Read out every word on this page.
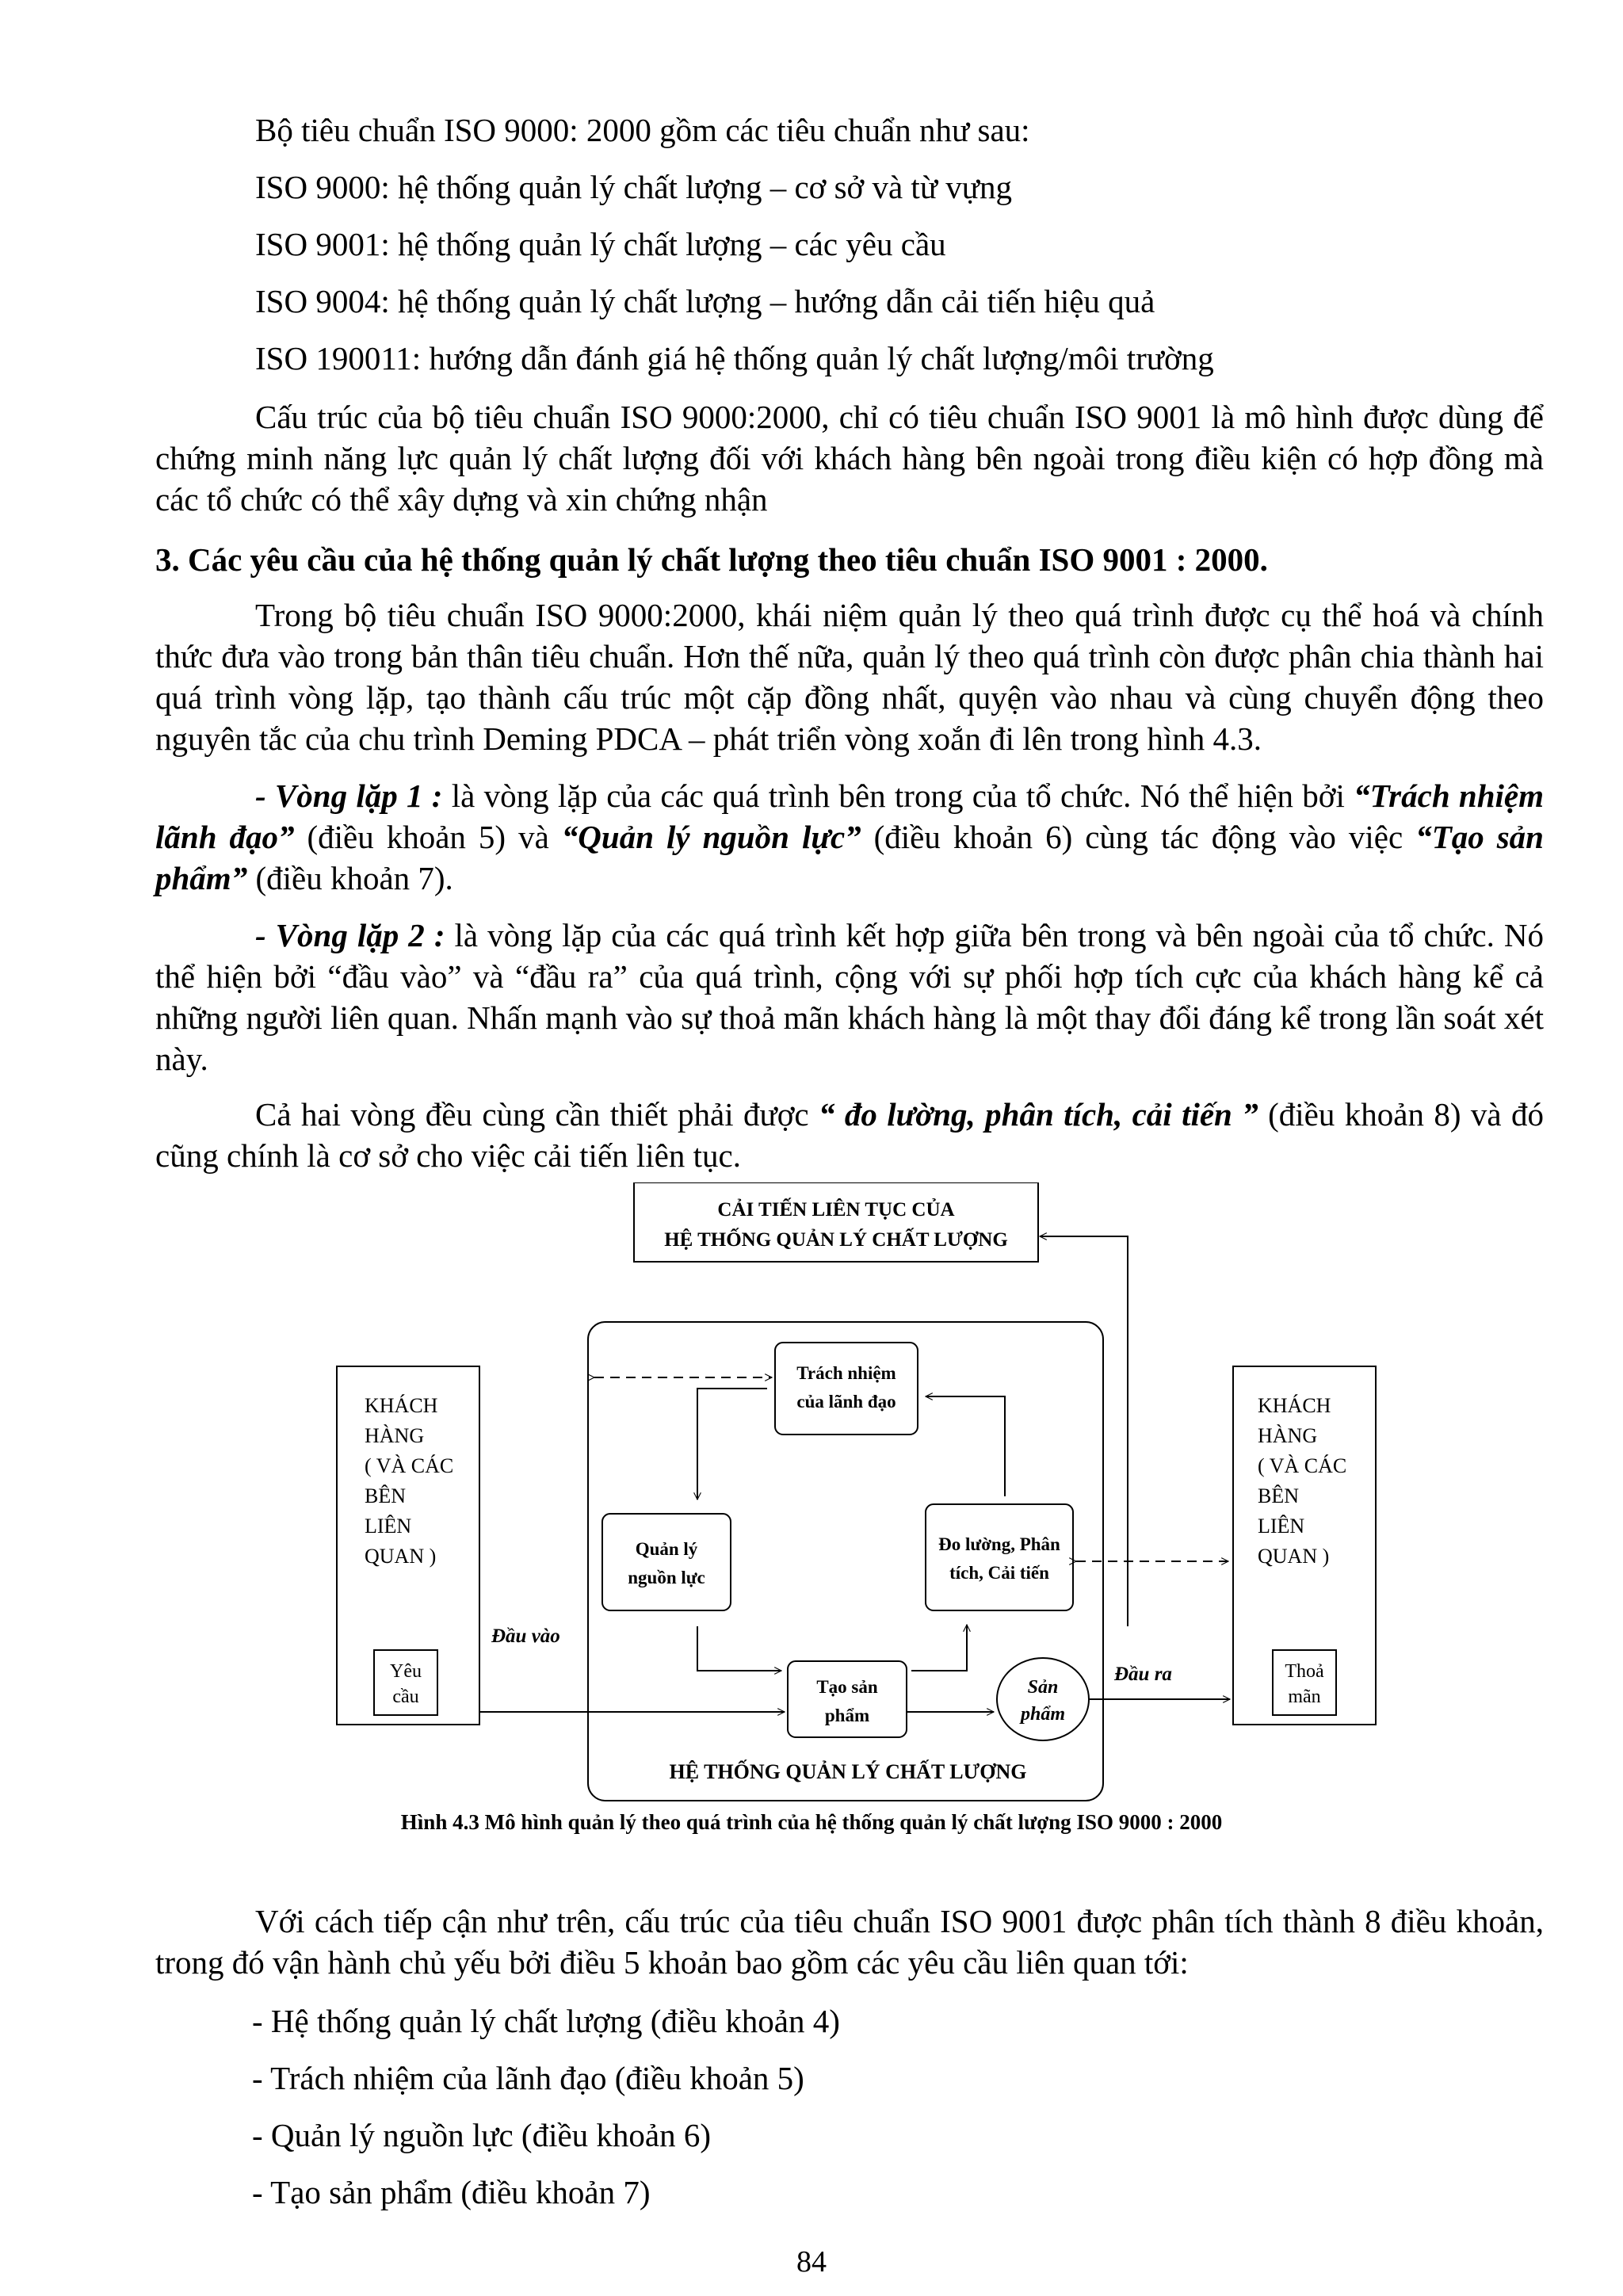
Bộ tiêu chuẩn ISO 9000: 2000 gồm các tiêu chuẩn như sau:
ISO 9000: hệ thống quản lý chất lượng – cơ sở và từ vựng
ISO 9001: hệ thống quản lý chất lượng – các yêu cầu
ISO 9004: hệ thống quản lý chất lượng – hướng dẫn cải tiến hiệu quả
ISO 190011: hướng dẫn đánh giá hệ thống quản lý chất lượng/môi trường
Cấu trúc của bộ tiêu chuẩn ISO 9000:2000, chỉ có tiêu chuẩn ISO 9001 là mô hình được dùng để chứng minh năng lực quản lý chất lượng đối với khách hàng bên ngoài trong điều kiện có hợp đồng mà các tổ chức có thể xây dựng và xin chứng nhận
3. Các yêu cầu của hệ thống quản lý chất lượng theo tiêu chuẩn ISO 9001 : 2000.
Trong bộ tiêu chuẩn ISO 9000:2000, khái niệm quản lý theo quá trình được cụ thể hoá và chính thức đưa vào trong bản thân tiêu chuẩn. Hơn thế nữa, quản lý theo quá trình còn được phân chia thành hai quá trình vòng lặp, tạo thành cấu trúc một cặp đồng nhất, quyện vào nhau và cùng chuyển động theo nguyên tắc của chu trình Deming PDCA – phát triển vòng xoắn đi lên trong hình 4.3.
- Vòng lặp 1 : là vòng lặp của các quá trình bên trong của tổ chức. Nó thể hiện bởi “Trách nhiệm lãnh đạo” (điều khoản 5) và “Quản lý nguồn lực” (điều khoản 6) cùng tác động vào việc “Tạo sản phẩm” (điều khoản 7).
- Vòng lặp 2 : là vòng lặp của các quá trình kết hợp giữa bên trong và bên ngoài của tổ chức. Nó thể hiện bởi “đầu vào” và “đầu ra” của quá trình, cộng với sự phối hợp tích cực của khách hàng kể cả những người liên quan. Nhấn mạnh vào sự thoả mãn khách hàng là một thay đổi đáng kể trong lần soát xét này.
Cả hai vòng đều cùng cần thiết phải được “ đo lường, phân tích, cải tiến ” (điều khoản 8) và đó cũng chính là cơ sở cho việc cải tiến liên tục.
CẢI TIẾN LIÊN TỤC CỦA
HỆ THỐNG QUẢN LÝ CHẤT LƯỢNG
HỆ THỐNG QUẢN LÝ CHẤT LƯỢNG
KHÁCH
HÀNG
( VÀ CÁC
BÊN
LIÊN
QUAN )
Yêu
cầu
KHÁCH
HÀNG
( VÀ CÁC
BÊN
LIÊN
QUAN )
Thoả
mãn
Trách nhiệm
của lãnh đạo
Quản lý
nguồn lực
Đo lường, Phân
tích, Cải tiến
Tạo sản
phẩm
Sản
phẩm
Đầu vào
Đầu ra
Hình 4.3 Mô hình quản lý theo quá trình của hệ thống quản lý chất lượng ISO 9000 : 2000
Với cách tiếp cận như trên, cấu trúc của tiêu chuẩn ISO 9001 được phân tích thành 8 điều khoản, trong đó vận hành chủ yếu bởi điều 5 khoản bao gồm các yêu cầu liên quan tới:
- Hệ thống quản lý chất lượng (điều khoản 4)
- Trách nhiệm của lãnh đạo (điều khoản 5)
- Quản lý nguồn lực (điều khoản 6)
- Tạo sản phẩm (điều khoản 7)
84
